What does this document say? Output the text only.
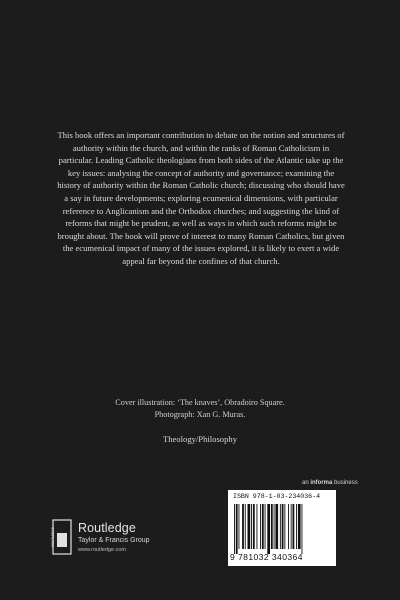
This book offers an important contribution to debate on the notion and structures of authority within the church, and within the ranks of Roman Catholicism in particular. Leading Catholic theologians from both sides of the Atlantic take up the key issues: analysing the concept of authority and governance; examining the history of authority within the Roman Catholic church; discussing who should have a say in future developments; exploring ecumenical dimensions, with particular reference to Anglicanism and the Orthodox churches; and suggesting the kind of reforms that might be prudent, as well as ways in which such reforms might be brought about. The book will prove of interest to many Roman Catholics, but given the ecumenical impact of many of the issues explored, it is likely to exert a wide appeal far beyond the confines of that church.

Cover illustration: ‘The knaves’, Obradoiro Square.
Photograph: Xan G. Muras.
Theology/Philosophy
ROUTLEDGE Routledge
Taylor & Francis Group
www.routledge.com
an informa business
ISBN 978-1-03-234036-4
9 781032 340364
